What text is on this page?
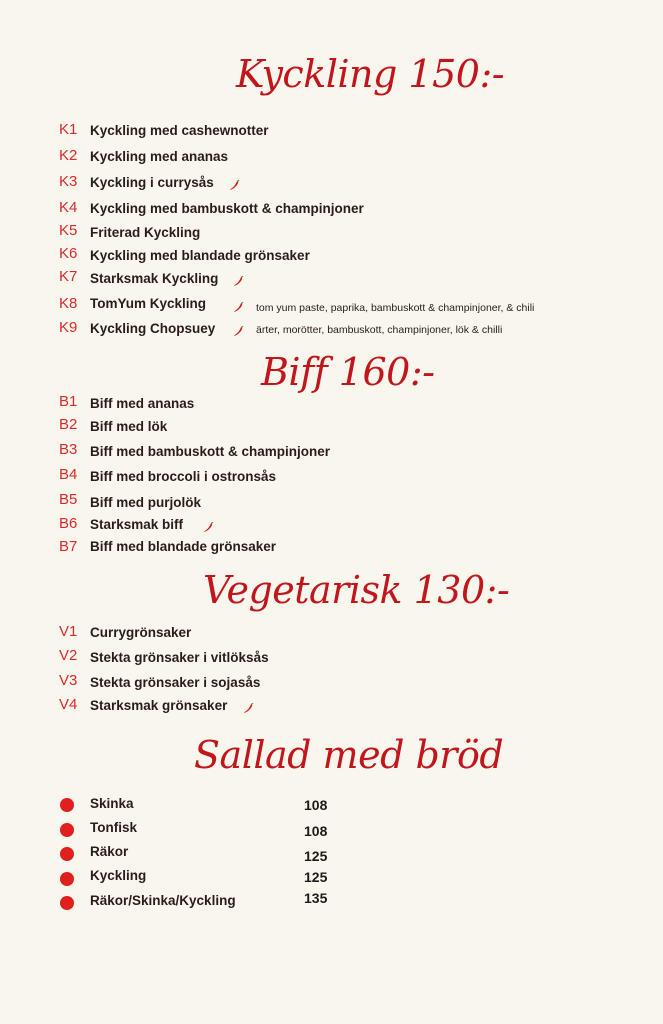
Kyckling 150:-
K1 Kyckling med cashewnotter
K2 Kyckling med ananas
K3 Kyckling i currysås
K4 Kyckling med bambuskott & champinjoner
K5 Friterad Kyckling
K6 Kyckling med blandade grönsaker
K7 Starksmak Kyckling
K8 TomYum Kyckling	tom yum paste, paprika, bambuskott & champinjoner, & chili
K9 Kyckling Chopsuey	ärter, morötter, bambuskott, champinjoner, lök & chilli
Biff 160:-
B1 Biff med ananas
B2 Biff med lök
B3 Biff med bambuskott & champinjoner
B4 Biff med broccoli i ostronsås
B5 Biff med purjolök
B6 Starksmak biff
B7 Biff med blandade grönsaker
Vegetarisk 130:-
V1 Currygrönsaker
V2 Stekta grönsaker i vitlöksås
V3 Stekta grönsaker i sojasås
V4 Starksmak grönsaker
Sallad med bröd
Skinka	108
Tonfisk	108
Räkor	125
Kyckling	125
Räkor/Skinka/Kyckling	135
